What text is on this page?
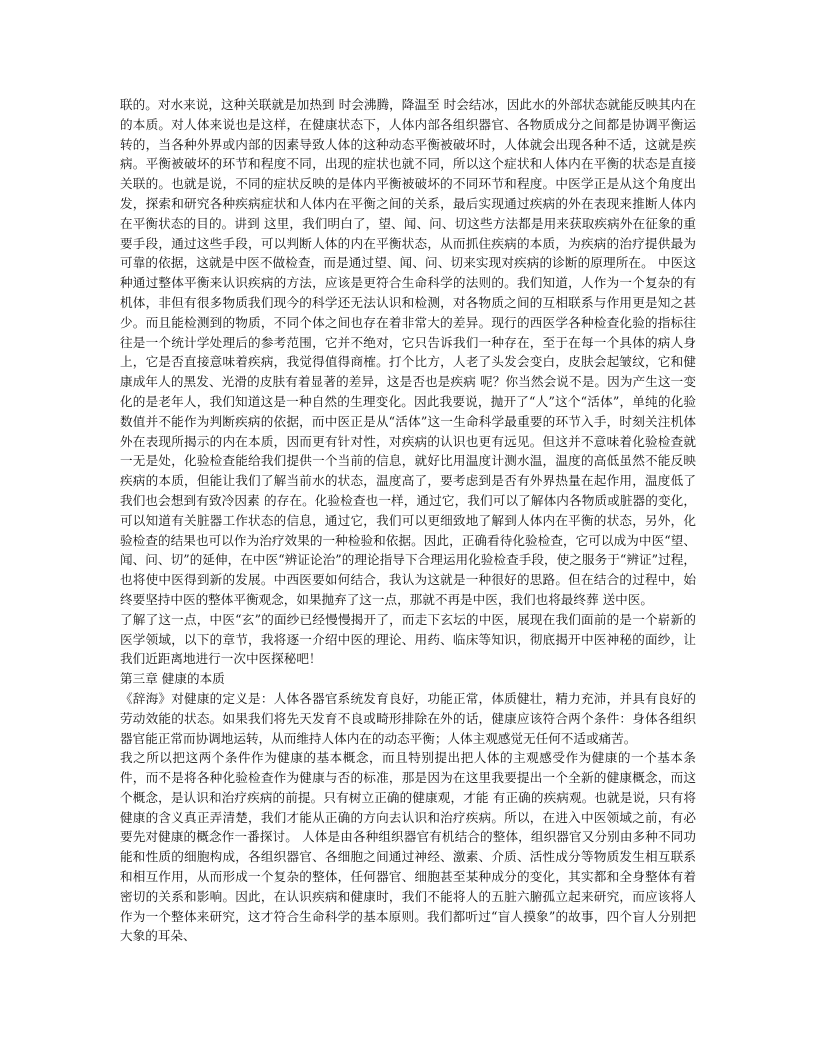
联的。对水来说，这种关联就是加热到 时会沸腾，降温至 时会结冰，因此水的外部状态就能反映其内在的本质。对人体来说也是这样，在健康状态下，人体内部各组织器官、各物质成分之间都是协调平衡运转的，当各种外界或内部的因素导致人体的这种动态平衡被破坏时，人体就会出现各种不适，这就是疾病。平衡被破坏的环节和程度不同，出现的症状也就不同，所以这个症状和人体内在平衡的状态是直接关联的。也就是说，不同的症状反映的是体内平衡被破坏的不同环节和程度。中医学正是从这个角度出发，探索和研究各种疾病症状和人体内在平衡之间的关系，最后实现通过疾病的外在表现来推断人体内在平衡状态的目的。讲到 这里，我们明白了，望、闻、问、切这些方法都是用来获取疾病外在征象的重要手段，通过这些手段，可以判断人体的内在平衡状态，从而抓住疾病的本质，为疾病的治疗提供最为可靠的依据，这就是中医不做检查，而是通过望、闻、问、切来实现对疾病的诊断的原理所在。 中医这种通过整体平衡来认识疾病的方法，应该是更符合生命科学的法则的。我们知道，人作为一个复杂的有机体，非但有很多物质我们现今的科学还无法认识和检测，对各物质之间的互相联系与作用更是知之甚少。而且能检测到的物质，不同个体之间也存在着非常大的差异。现行的西医学各种检查化验的指标往往是一个统计学处理后的参考范围，它并不绝对，它只告诉我们一种存在，至于在每一个具体的病人身上，它是否直接意味着疾病，我觉得值得商榷。打个比方，人老了头发会变白，皮肤会起皱纹，它和健康成年人的黑发、光滑的皮肤有着显著的差异，这是否也是疾病 呢？你当然会说不是。因为产生这一变化的是老年人，我们知道这是一种自然的生理变化。因此我要说，抛开了“人”这个“活体”，单纯的化验数值并不能作为判断疾病的依据，而中医正是从“活体”这一生命科学最重要的环节入手，时刻关注机体外在表现所揭示的内在本质，因而更有针对性，对疾病的认识也更有远见。但这并不意味着化验检查就一无是处，化验检查能给我们提供一个当前的信息，就好比用温度计测水温，温度的高低虽然不能反映疾病的本质，但能让我们了解当前水的状态，温度高了，要考虑到是否有外界热量在起作用，温度低了我们也会想到有致冷因素 的存在。化验检查也一样，通过它，我们可以了解体内各物质或脏器的变化，可以知道有关脏器工作状态的信息，通过它，我们可以更细致地了解到人体内在平衡的状态，另外，化验检查的结果也可以作为治疗效果的一种检验和依据。因此，正确看待化验检查，它可以成为中医“望、闻、问、切”的延伸，在中医“辨证论治”的理论指导下合理运用化验检查手段，使之服务于“辨证”过程，也将使中医得到新的发展。中西医要如何结合，我认为这就是一种很好的思路。但在结合的过程中，始终要坚持中医的整体平衡观念，如果抛弃了这一点，那就不再是中医，我们也将最终葬 送中医。

了解了这一点，中医“玄”的面纱已经慢慢揭开了，而走下玄坛的中医，展现在我们面前的是一个崭新的医学领域，以下的章节，我将逐一介绍中医的理论、用药、临床等知识，彻底揭开中医神秘的面纱，让我们近距离地进行一次中医探秘吧！

第三章 健康的本质

《辞海》对健康的定义是：人体各器官系统发育良好，功能正常，体质健壮，精力充沛，并具有良好的劳动效能的状态。如果我们将先天发育不良或畸形排除在外的话，健康应该符合两个条件：身体各组织器官能正常而协调地运转，从而维持人体内在的动态平衡；人体主观感觉无任何不适或痛苦。

我之所以把这两个条件作为健康的基本概念，而且特别提出把人体的主观感受作为健康的一个基本条件，而不是将各种化验检查作为健康与否的标准，那是因为在这里我要提出一个全新的健康概念，而这个概念，是认识和治疗疾病的前提。只有树立正确的健康观，才能 有正确的疾病观。也就是说，只有将健康的含义真正弄清楚，我们才能从正确的方向去认识和治疗疾病。所以，在进入中医领域之前，有必要先对健康的概念作一番探讨。 人体是由各种组织器官有机结合的整体，组织器官又分别由多种不同功能和性质的细胞构成，各组织器官、各细胞之间通过神经、激素、介质、活性成分等物质发生相互联系和相互作用，从而形成一个复杂的整体，任何器官、细胞甚至某种成分的变化，其实都和全身整体有着密切的关系和影响。因此，在认识疾病和健康时，我们不能将人的五脏六腑孤立起来研究，而应该将人作为一个整体来研究，这才符合生命科学的基本原则。我们都听过“盲人摸象”的故事，四个盲人分别把大象的耳朵、
